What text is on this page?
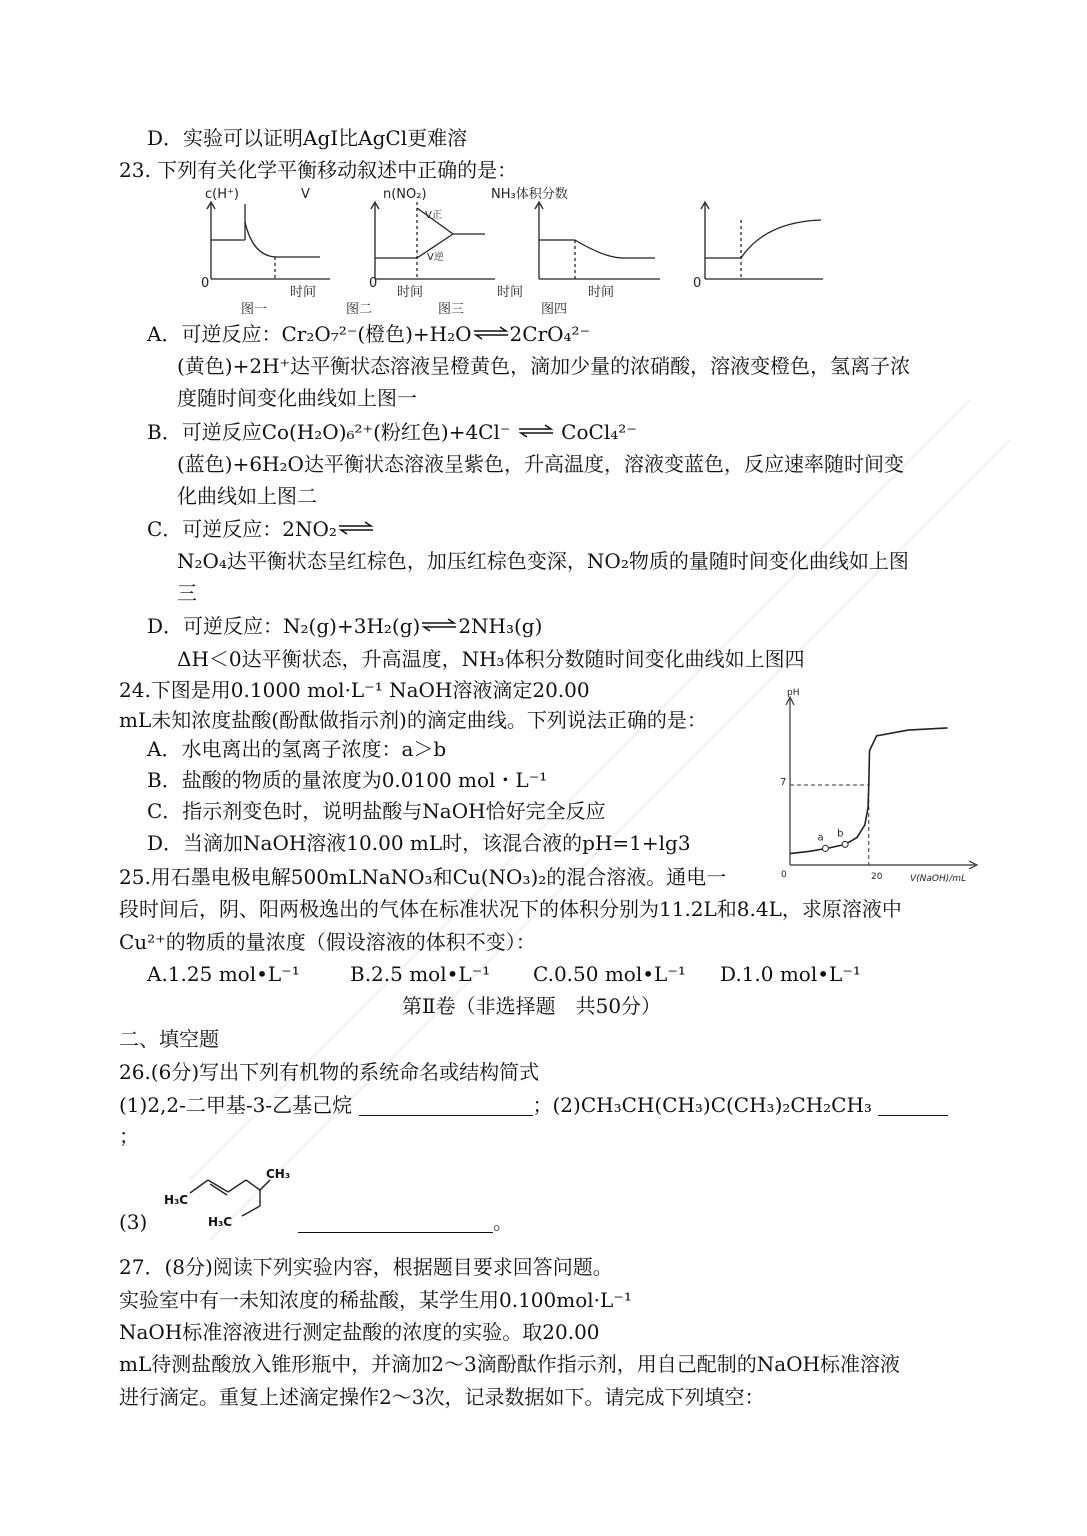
D．实验可以证明AgI比AgCl更难溶
23. 下列有关化学平衡移动叙述中正确的是：
c(H⁺)	V	n(NO₂)	NH₃体积分数
V正
V逆
0	0	0
时间	时间	时间	时间
图一	图二	图三	图四
A．可逆反应：Cr₂O₇²⁻(橙色)+H₂O⇌2CrO₄²⁻
(黄色)+2H⁺达平衡状态溶液呈橙黄色，滴加少量的浓硝酸，溶液变橙色，氢离子浓
度随时间变化曲线如上图一
B．可逆反应Co(H₂O)₆²⁺(粉红色)+4Cl⁻ ⇌ CoCl₄²⁻
(蓝色)+6H₂O达平衡状态溶液呈紫色，升高温度，溶液变蓝色，反应速率随时间变
化曲线如上图二
C．可逆反应：2NO₂⇌
N₂O₄达平衡状态呈红棕色，加压红棕色变深，NO₂物质的量随时间变化曲线如上图
三
D．可逆反应：N₂(g)+3H₂(g)⇌2NH₃(g)
ΔH＜0达平衡状态，升高温度，NH₃体积分数随时间变化曲线如上图四
24.下图是用0.1000 mol·L⁻¹ NaOH溶液滴定20.00
mL未知浓度盐酸(酚酞做指示剂)的滴定曲线。下列说法正确的是：
A．水电离出的氢离子浓度：a＞b
B．盐酸的物质的量浓度为0.0100 mol・L⁻¹
C．指示剂变色时，说明盐酸与NaOH恰好完全反应
D．当滴加NaOH溶液10.00 mL时，该混合液的pH=1+lg3
pH
V(NaOH)/mL
7
0	20
a b
25.用石墨电极电解500mLNaNO₃和Cu(NO₃)₂的混合溶液。通电一
段时间后，阴、阳两极逸出的气体在标准状况下的体积分别为11.2L和8.4L，求原溶液中
Cu²⁺的物质的量浓度（假设溶液的体积不变）：
A.1.25 mol•L⁻¹	B.2.5 mol•L⁻¹ C.0.50 mol•L⁻¹ D.1.0 mol•L⁻¹
第Ⅱ卷（非选择题　共50分）
二、填空题
26.(6分)写出下列有机物的系统命名或结构简式
(1)2,2-二甲基-3-乙基己烷	；(2)CH₃CH(CH₃)C(CH₃)₂CH₂CH₃
；
CH₃
H₃C
H₃C
(3)	。
27．(8分)阅读下列实验内容，根据题目要求回答问题。
实验室中有一未知浓度的稀盐酸，某学生用0.100mol·L⁻¹
NaOH标准溶液进行测定盐酸的浓度的实验。取20.00
mL待测盐酸放入锥形瓶中，并滴加2～3滴酚酞作指示剂，用自己配制的NaOH标准溶液
进行滴定。重复上述滴定操作2～3次，记录数据如下。请完成下列填空：
